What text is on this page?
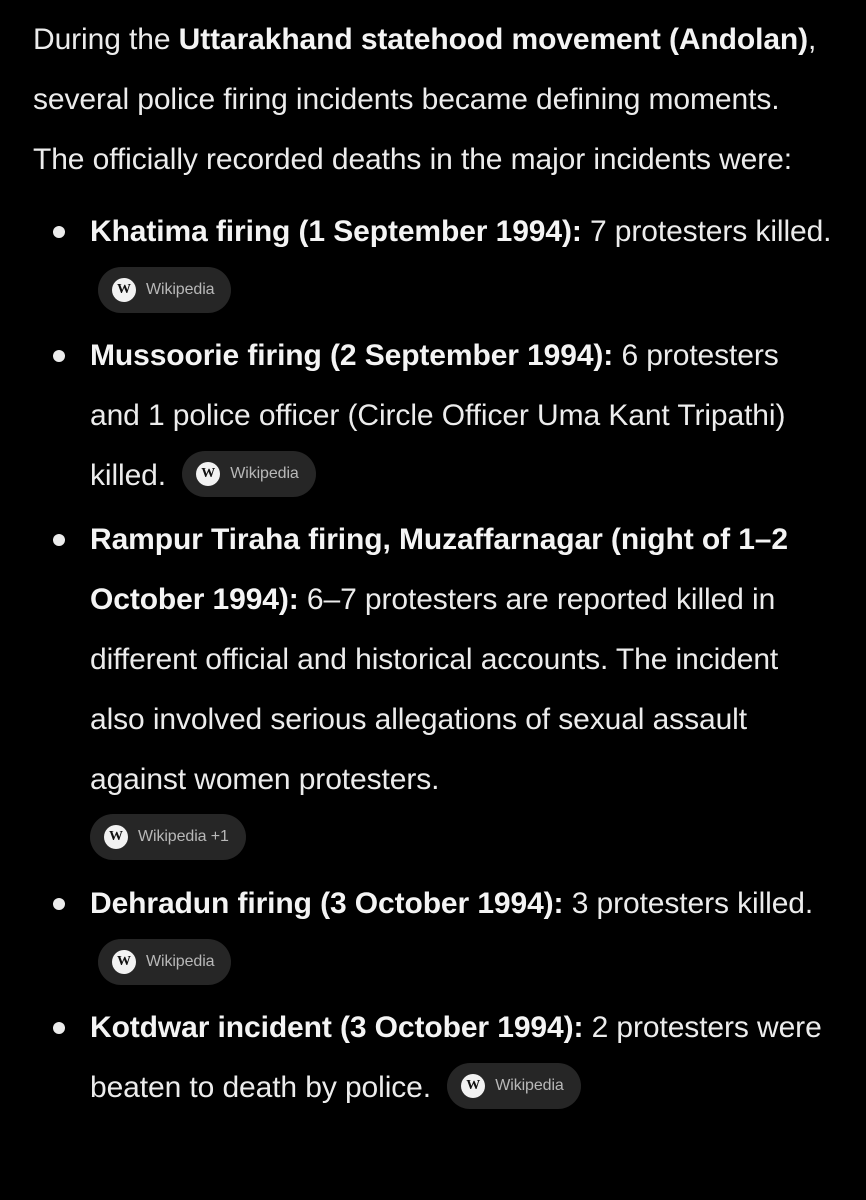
During the Uttarakhand statehood movement (Andolan), several police firing incidents became defining moments. The officially recorded deaths in the major incidents were:

Khatima firing (1 September 1994): 7 protesters killed.
W Wikipedia
Mussoorie firing (2 September 1994): 6 protesters and 1 police officer (Circle Officer Uma Kant Tripathi) killed.	W Wikipedia
Rampur Tiraha firing, Muzaffarnagar (night of 1–2 October 1994): 6–7 protesters are reported killed in different official and historical accounts. The incident also involved serious allegations of sexual assault against women protesters.
W Wikipedia +1
Dehradun firing (3 October 1994): 3 protesters killed.
W Wikipedia
Kotdwar incident (3 October 1994): 2 protesters were beaten to death by police.	W Wikipedia
